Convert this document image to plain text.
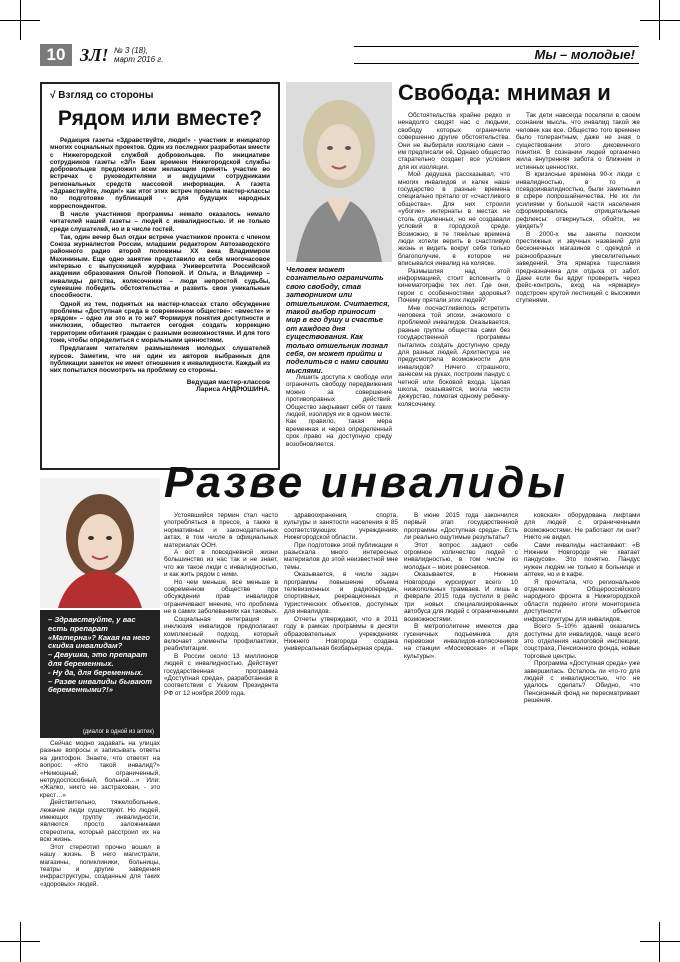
10 ЗЛ! № 3 (18),
март 2016 г.	Мы – молодые!
√ Взгляд со стороны
Рядом или вместе?

Редакция газеты «Здравствуйте, люди!» - участник и инициатор многих социальных проектов. Один из последних разработан вместе с Нижегородской службой добровольцев. По инициативе сотрудников газеты «ЗЛ» Банк времени Нижегородской службы добровольцев предложил всем желающим принять участие во встречах с руководителями и ведущими сотрудниками региональных средств массовой информации. А газета «Здравствуйте, люди!» как итог этих встреч провела мастер-классы по подготовке публикаций - для будущих народных корреспондентов.

В числе участников программы немало оказалось немало читателей нашей газеты – людей с инвалидностью. И не только среди слушателей, но и в числе гостей.

Так, один вечер был отдан встрече участников проекта с членом Союза журналистов России, младшим редактором Автозаводского районного радио второй половины ХХ века Владимиром Махининым. Еще одно занятие представило из себя многочасовое интервью с выпускницей журфака Университета Российской академии образования Ольгой Поповой. И Ольга, и Владимир – инвалиды детства, колясочники – люди непростой судьбы, сумевшие победить обстоятельства и развить свои уникальные способности.

Одной из тем, поднятых на мастер-классах стало обсуждение проблемы «Доступная среда в современном обществе»: «вместе» и «рядом» – одно ли это и то же? Формируя понятия доступности и инклюзии, общество пытается сегодня создать коррекцию территории обитания граждан с разными возможностями. И для того тоже, чтобы определиться с моральными ценностями.

Предлагаем читателям размышления молодых слушателей курсов. Заметим, что ни один из авторов выбранных для публикации заметок не имеет отношения к инвалидности. Каждый из них попытался посмотреть на проблему со стороны.

Ведущая мастер-классов
Лариса АНДРЮШИНА.
Человек может сознательно ограничить свою свободу, став затворником или отшельником. Считается, такой выбор приносит мир в его душу и счастье от каждого дня существования. Как только отшельник познал себя, он может прийти и поделиться с нами своими мыслями.
Свобода: мнимая и

Лишить доступа к свободе или ограничить свободу передвижения можно за совершение противоправных действий. Общество закрывает себя от таких людей, изолируя их в одном месте. Как правило, такая мера временная и через определенный срок право на доступную среду возобновляется.

Обстоятельства крайне редко и ненадолго сводят нас с людьми, свободу которых ограничили совершенно другие обстоятельства. Они не выбирали изоляцию сами – им предписали её. Однако общество старательно создает все условия для их изоляции.

Мой дедушка рассказывал, что многих инвалидов и калек наше государство в разные времена специально прятало от «счастливого общества». Для них строили «убогие» интернаты в местах не столь отдаленных, но не создавали условий в городской среде. Возможно, в те тяжёлые времена люди хотели верить в счастливую жизнь и видеть вокруг себя только благополучие, в которое не вписывался инвалид на коляске.

Размышляя над этой информацией, стоит вспомнить о кинематографе тех лет. Где они, герои с особенностями здоровья? Почему прятали этих людей?

Мне посчастливилось встретить человека той эпохи, знакомого с проблемой инвалидов. Оказывается, разные группы общества сами без государственной программы пытались создать доступную среду для разных людей. Архитектура не предусмотрела возможности для инвалидов? Ничего страшного, занесем на руках, построим пандус с четной или боковой входа. Целая школа, оказывается, могла нести дежурство, помогая одному ребенку-колясочнику.

Так дети навсегда поселяли в своем сознании мысль, что инвалид такой же человек как все. Общество того времени было толерантным, даже не зная о существовании этого диковинного понятия. В сознании людей органично жила внутренняя забота о ближнем и истинных ценностях.

В кризисные времена 90-х люди с инвалидностью, в то и псевдоинвалидностью, были заметными в сфере попрошайничества. Не их ли усилиями у большой части населения сформировались отрицательные рефлексы: отвернуться, обойти, не увидеть?

В 2000-х мы заняты поиском престижных и звучных названий для бесконечных магазинов с одеждой и разнообразных увеселительных заведений. Эта ярмарка тщеславия предназначена для отдыха от забот. Даже если бы вдруг проверить через фейс-контроль, вход на «ярмарку» подстроен крутой лестницей с высокими ступенями.

– Здравствуйте, у вас есть препарат «Матерна»? Какая на него скидка инвалидам?
– Девушка, это препарат для беременных.
- Ну да, для беременных.
– Разве инвалиды бывают беременными?!»
(диалог в одной из аптек)
Разве инвалиды

Сейчас модно задавать на улицах разные вопросы и записывать ответы на диктофон. Знаете, что ответят на вопрос: «Кто такой инвалид?» «Немощный, ограниченный, нетрудоспособный, больной…» Или: «Жалко, никто не застрахован, - это крест…»

Действительно, тяжелобольные, лежачие люди существуют. Но людей, имеющих группу инвалидности, являются просто заложниками стереотипа, который расстроил их на всю жизнь.

Этот стереотип прочно вошел в нашу жизнь. В него магистрали, магазины, поликлиники, больницы, театры и другие заведения инфраструктуры, созданные для таких «здоровых» людей.

Устоявшийся термин стал часто употребляться в прессе, а также в нормативных и законодательных актах, в том числе в официальных материалах ООН.

А вот в повседневной жизни большинство из нас так и не знает, что же такое люди с инвалидностью, и как жить рядом с ними.

Но чем меньше, все меньше в современном обществе при обсуждении прав инвалидов ограничивают мнение, что проблема не в самих заболеваниях как таковых.

Социальная интеграция и инклюзия инвалидов предполагает комплексный подход, который включает элементы профилактики, реабилитации.

В России около 13 миллионов людей с инвалидностью. Действует государственная программа «Доступная среда», разработанная в соответствии с Указом Президента РФ от 12 ноября 2009 года.

здравоохранения, спорта, культуры и занятости населения в 85 соответствующих учреждениях Нижегородской области.

При подготовке этой публикации я разыскала много интересных материалов до этой неизвестной мне темы.

Оказывается, в числе задач программы повышение объема телевизионных и радиопередач, спортивных, рекреационных и туристических объектов, доступных для инвалидов.

Отчеты утверждают, что в 2011 году в рамках программы в десяти образовательных учреждениях Нижнего Новгорода создана универсальная безбарьерная среда.

В июне 2015 года закончился первый этап государственной программы «Доступная среда». Есть ли реально ощутимые результаты?

Этот вопрос задают себе огромное количество людей с инвалидностью, в том числе из молодых – моих ровесников.

Оказывается, в Нижнем Новгороде курсируют всего 10 низкопольных трамваев. И лишь в феврале 2015 года пустили в рейс три новых специализированных автобуса для людей с ограниченными возможностями.

В метрополитене имеются два гусеничных подъемника для перевозки инвалидов-колясочников на станции «Московская» и «Парк культуры».

ковская» оборудована лифтами для людей с ограниченными возможностями. Не работают ли они? Никто не видел.

Сами инвалиды настаивают: «В Нижнем Новгороде не хватает пандусов». Это понятно. Пандус нужен людям не только в больнице и аптеке, но и в кафе.

Я прочитала, что региональное отделение Общероссийского народного фронта в Нижегородской области подвело итоги мониторинга доступности объектов инфраструктуры для инвалидов.

Всего 5–10% зданий оказались доступны для инвалидов, чаще всего это отделения налоговой инспекции, соцстраха, Пенсионного фонда, новые торговые центры.

Программа «Доступная среда» уже завершилась. Осталось ли что-то для людей с инвалидностью, что не удалось сделать? Обидно, что Пенсионный фонд не пересматривает решения.
